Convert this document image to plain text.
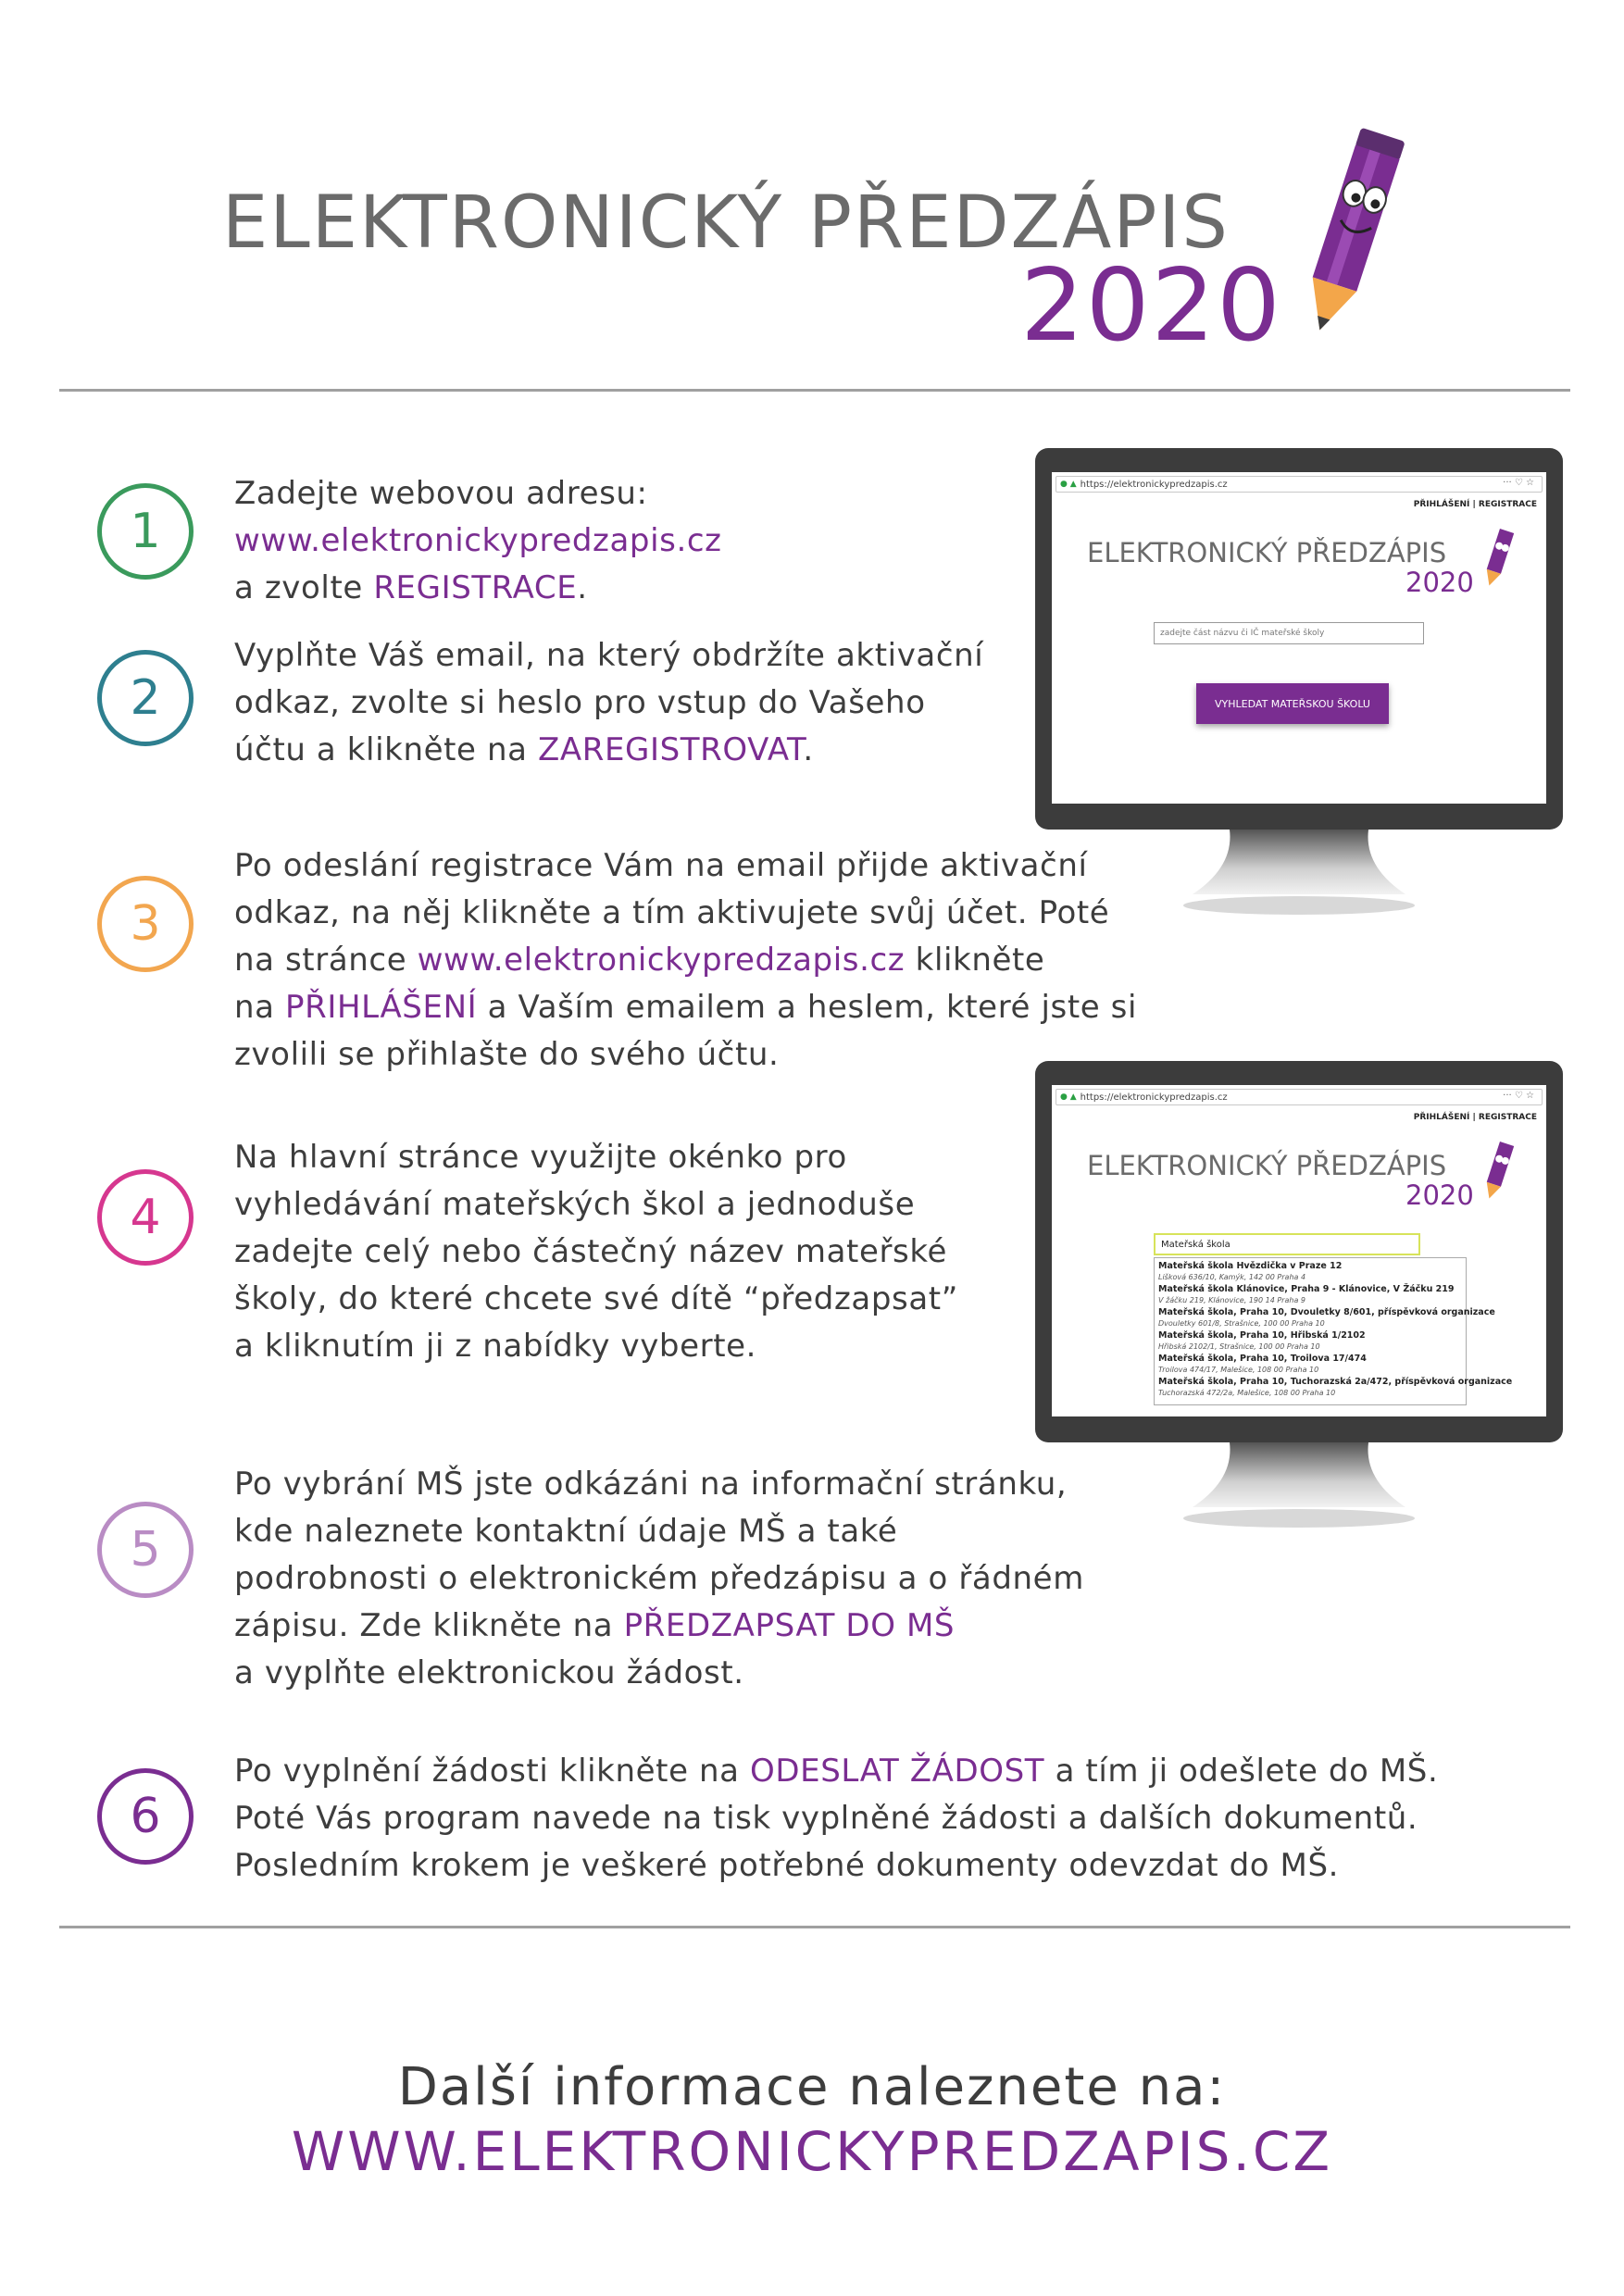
ELEKTRONICKÝ PŘEDZÁPIS
2020
1
Zadejte webovou adresu:
www.elektronickypredzapis.cz
a zvolte REGISTRACE.
2
Vyplňte Váš email, na který obdržíte aktivační
odkaz, zvolte si heslo pro vstup do Vašeho
účtu a klikněte na ZAREGISTROVAT.
3
Po odeslání registrace Vám na email přijde aktivační
odkaz, na něj klikněte a tím aktivujete svůj účet. Poté
na stránce www.elektronickypredzapis.cz klikněte
na PŘIHLÁŠENÍ a Vaším emailem a heslem, které jste si
zvolili se přihlašte do svého účtu.
4
Na hlavní stránce využijte okénko pro
vyhledávání mateřských škol a jednoduše
zadejte celý nebo částečný název mateřské
školy, do které chcete své dítě “předzapsat”
a kliknutím ji z nabídky vyberte.
5
Po vybrání MŠ jste odkázáni na informační stránku,
kde naleznete kontaktní údaje MŠ a také
podrobnosti o elektronickém předzápisu a o řádném
zápisu. Zde klikněte na PŘEDZAPSAT DO MŠ
a vyplňte elektronickou žádost.
6
Po vyplnění žádosti klikněte na ODESLAT ŽÁDOST a tím ji odešlete do MŠ.
Poté Vás program navede na tisk vyplněné žádosti a dalších dokumentů.
Posledním krokem je veškeré potřebné dokumenty odevzdat do MŠ.
● ▲ https://elektronickypredzapis.cz	··· ♡ ☆
PŘIHLÁŠENÍ | REGISTRACE
ELEKTRONICKÝ PŘEDZÁPIS
2020
zadejte část názvu či IČ mateřské školy
VYHLEDAT MATEŘSKOU ŠKOLU
● ▲ https://elektronickypredzapis.cz	··· ♡ ☆
PŘIHLÁŠENÍ | REGISTRACE
ELEKTRONICKÝ PŘEDZÁPIS
2020
Mateřská škola
Mateřská škola Hvězdička v Praze 12
Lišková 636/10, Kamýk, 142 00 Praha 4
Mateřská škola Klánovice, Praha 9 - Klánovice, V Žáčku 219
V žáčku 219, Klánovice, 190 14 Praha 9
Mateřská škola, Praha 10, Dvouletky 8/601, příspěvková organizace
Dvouletky 601/8, Strašnice, 100 00 Praha 10
Mateřská škola, Praha 10, Hřibská 1/2102
Hřibská 2102/1, Strašnice, 100 00 Praha 10
Mateřská škola, Praha 10, Troilova 17/474
Troilova 474/17, Malešice, 108 00 Praha 10
Mateřská škola, Praha 10, Tuchorazská 2a/472, příspěvková organizace
Tuchorazská 472/2a, Malešice, 108 00 Praha 10
Další informace naleznete na:
WWW.ELEKTRONICKYPREDZAPIS.CZ
